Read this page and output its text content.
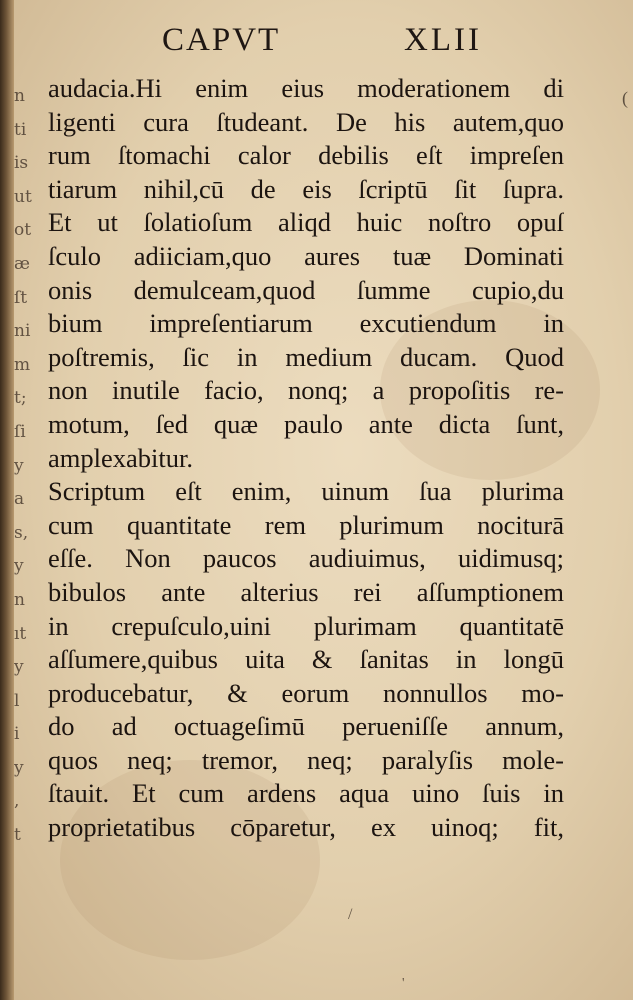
n
ti
is
ut
ot
æ
ſt
ni
m
t;
ſi
y
a
s,
y
n
ıt
y
l
i
y
,
t
CAPVT	XLII
audacia.Hi enim eius moderationem di
ligenti cura ſtudeant. De his autem,quo
rum ſtomachi calor debilis eſt impreſen
tiarum nihil,cū de eis ſcriptū ſit ſupra.
Et ut ſolatioſum aliqd huic noſtro opuſ
ſculo adiiciam,quo aures tuæ Dominati
onis demulceam,quod ſumme cupio,du
bium impreſentiarum excutiendum in
poſtremis, ſic in medium ducam. Quod
non inutile facio, nonq; a propoſitis re-
motum, ſed quæ paulo ante dicta ſunt,
amplexabitur.
Scriptum eſt enim, uinum ſua plurima
cum quantitate rem plurimum nociturā
eſſe. Non paucos audiuimus, uidimusq;
bibulos ante alterius rei aſſumptionem
in crepuſculo,uini plurimam quantitatē
aſſumere,quibus uita & ſanitas in longū
producebatur, & eorum nonnullos mo-
do ad octuageſimū perueniſſe annum,
quos neq; tremor, neq; paralyſis mole-
ſtauit. Et cum ardens aqua uino ſuis in
proprietatibus cōparetur, ex uinoq; fit,
(
/
'
